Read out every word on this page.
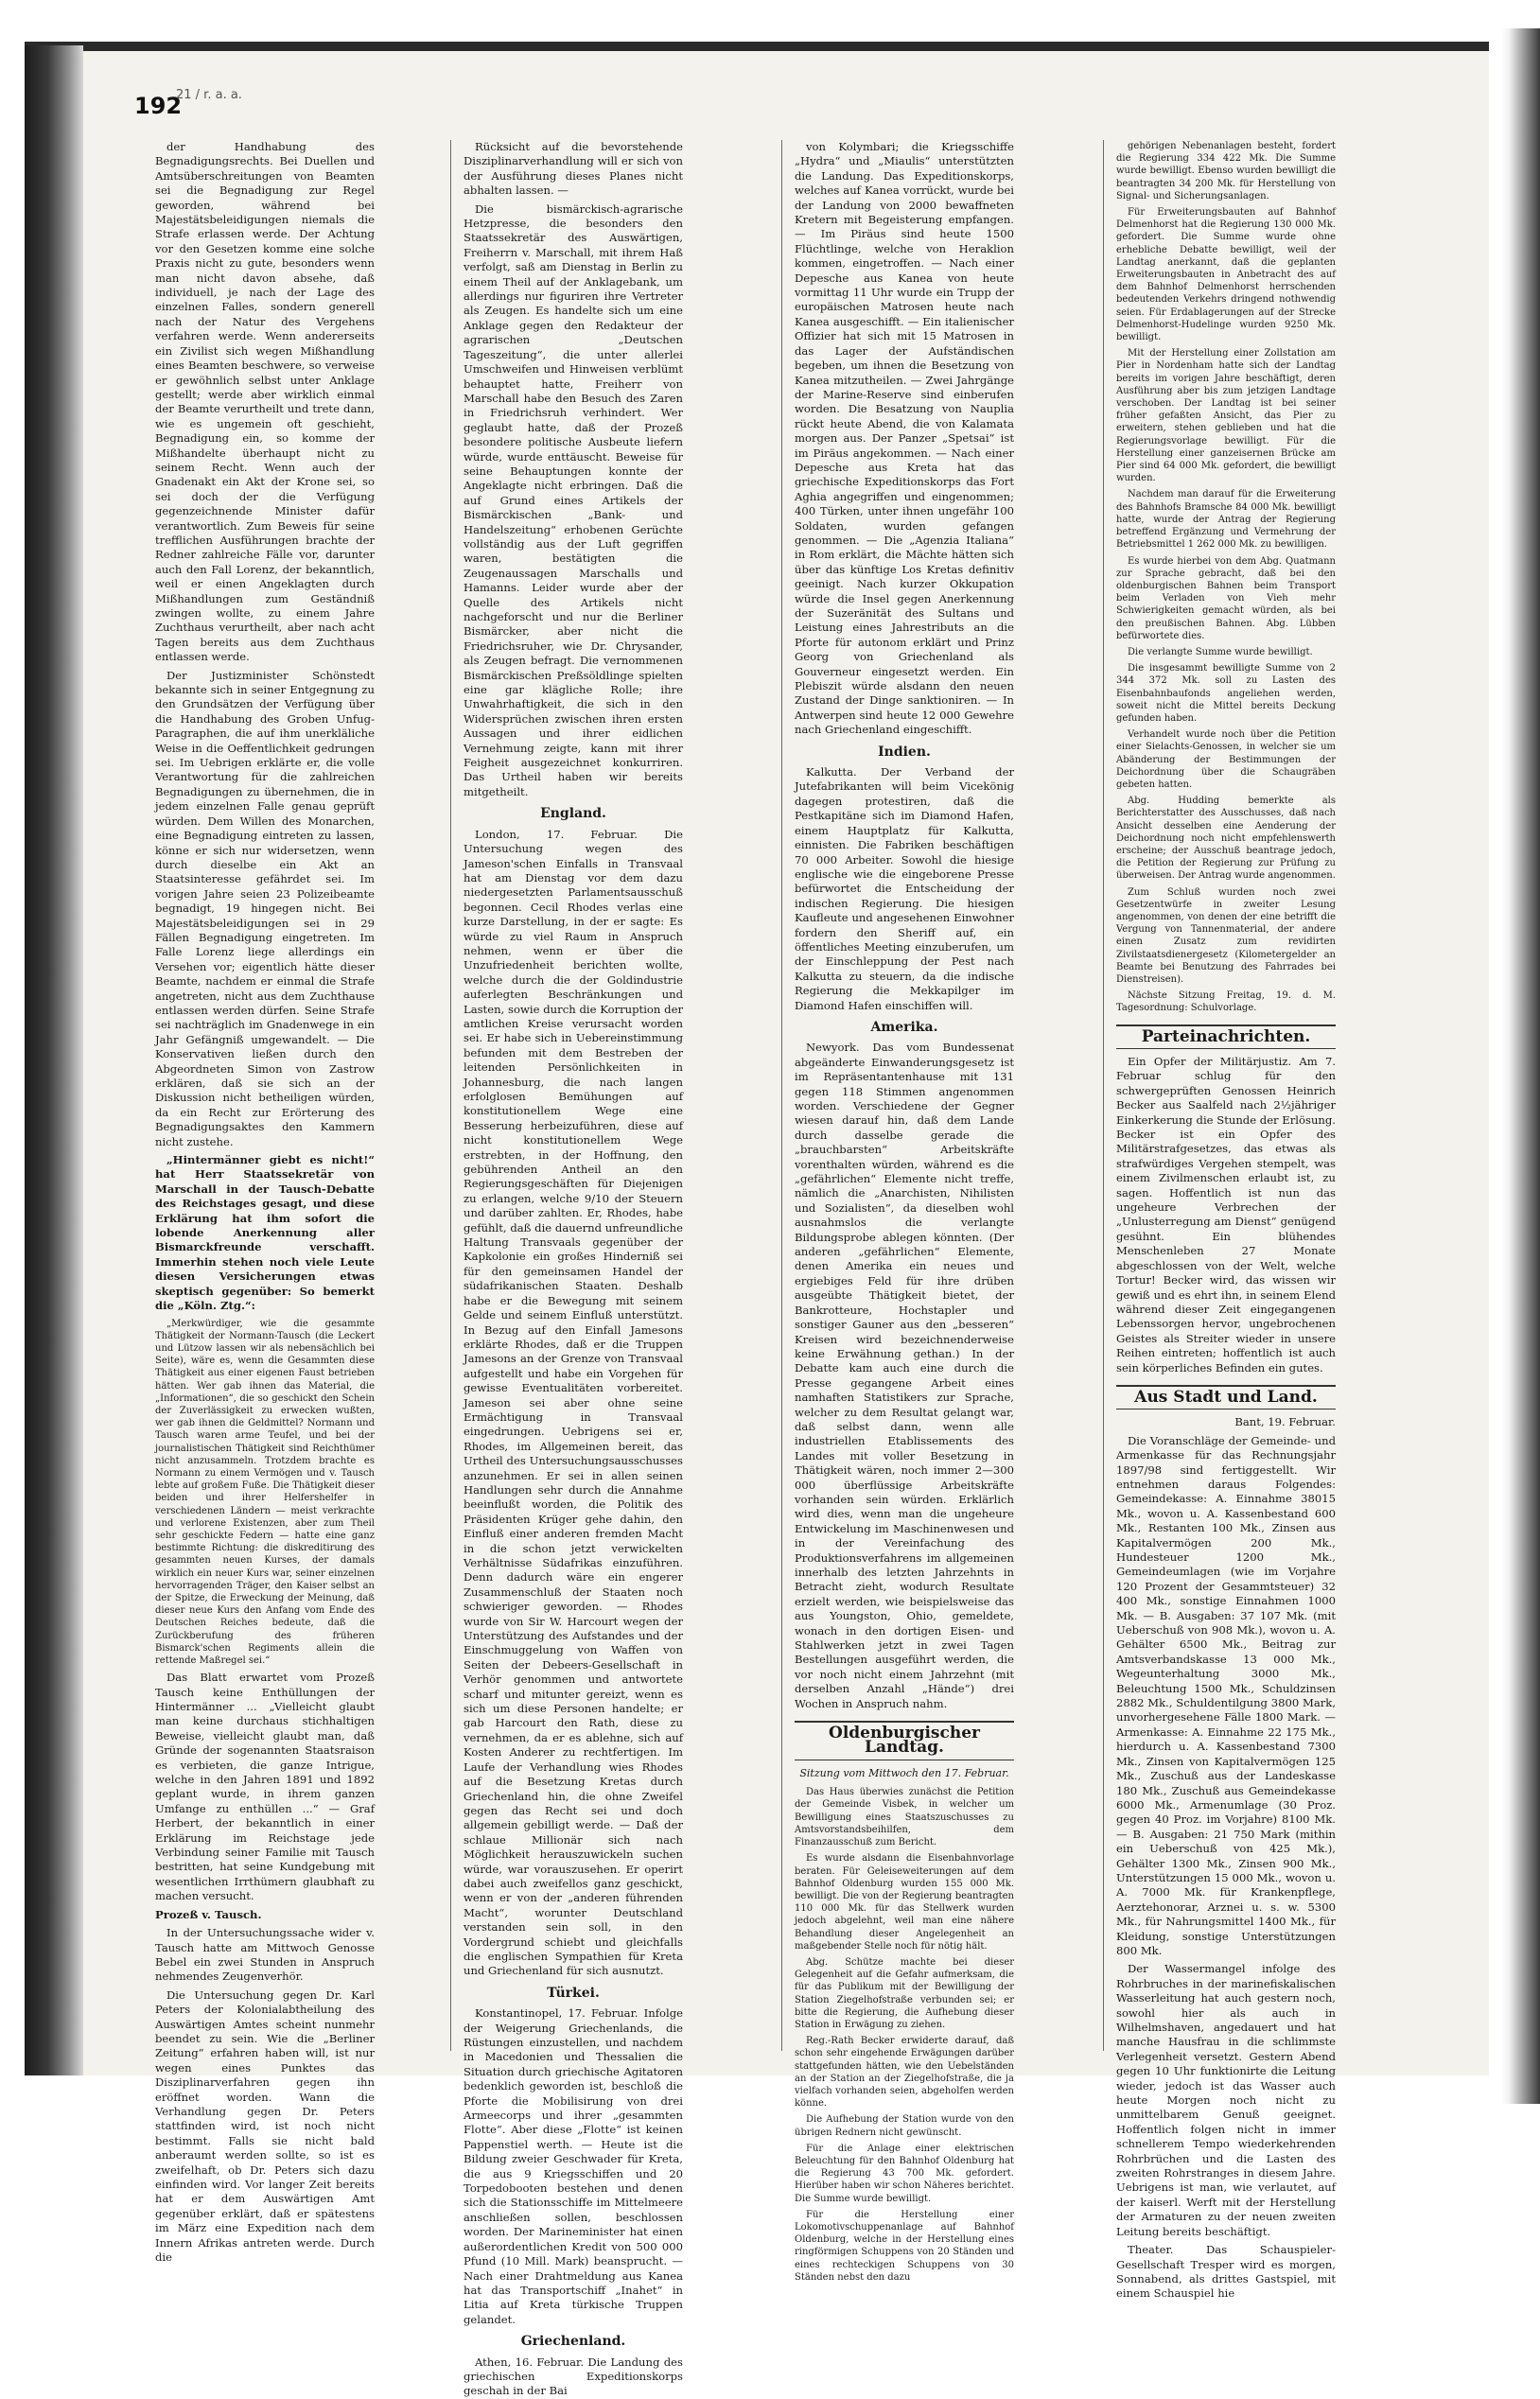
192
21 / r. a. a.

der Handhabung des Begnadigungsrechts. Bei Duellen und Amtsüberschreitungen von Beamten sei die Begnadigung zur Regel geworden, während bei Majestätsbeleidigungen niemals die Strafe erlassen werde. Der Achtung vor den Gesetzen komme eine solche Praxis nicht zu gute, besonders wenn man nicht davon absehe, daß individuell, je nach der Lage des einzelnen Falles, sondern generell nach der Natur des Vergehens verfahren werde. Wenn andererseits ein Zivilist sich wegen Mißhandlung eines Beamten beschwere, so verweise er gewöhnlich selbst unter Anklage gestellt; werde aber wirklich einmal der Beamte verurtheilt und trete dann, wie es ungemein oft geschieht, Begnadigung ein, so komme der Mißhandelte überhaupt nicht zu seinem Recht. Wenn auch der Gnadenakt ein Akt der Krone sei, so sei doch der die Verfügung gegenzeichnende Minister dafür verantwortlich. Zum Beweis für seine trefflichen Ausführungen brachte der Redner zahlreiche Fälle vor, darunter auch den Fall Lorenz, der bekanntlich, weil er einen Angeklagten durch Mißhandlungen zum Geständniß zwingen wollte, zu einem Jahre Zuchthaus verurtheilt, aber nach acht Tagen bereits aus dem Zuchthaus entlassen werde.

Der Justizminister Schönstedt bekannte sich in seiner Entgegnung zu den Grundsätzen der Verfügung über die Handhabung des Groben Unfug-Paragraphen, die auf ihm unerkläliche Weise in die Oeffentlichkeit gedrungen sei. Im Uebrigen erklärte er, die volle Verantwortung für die zahlreichen Begnadigungen zu übernehmen, die in jedem einzelnen Falle genau geprüft würden. Dem Willen des Monarchen, eine Begnadigung eintreten zu lassen, könne er sich nur widersetzen, wenn durch dieselbe ein Akt an Staatsinteresse gefährdet sei. Im vorigen Jahre seien 23 Polizeibeamte begnadigt, 19 hingegen nicht. Bei Majestätsbeleidigungen sei in 29 Fällen Begnadigung eingetreten. Im Falle Lorenz liege allerdings ein Versehen vor; eigentlich hätte dieser Beamte, nachdem er einmal die Strafe angetreten, nicht aus dem Zuchthause entlassen werden dürfen. Seine Strafe sei nachträglich im Gnadenwege in ein Jahr Gefängniß umgewandelt. — Die Konservativen ließen durch den Abgeordneten Simon von Zastrow erklären, daß sie sich an der Diskussion nicht betheiligen würden, da ein Recht zur Erörterung des Begnadigungsaktes den Kammern nicht zustehe.

„Hintermänner giebt es nicht!“ hat Herr Staatssekretär von Marschall in der Tausch-Debatte des Reichstages gesagt, und diese Erklärung hat ihm sofort die lobende Anerkennung aller Bismarckfreunde verschafft. Immerhin stehen noch viele Leute diesen Versicherungen etwas skeptisch gegenüber: So bemerkt die „Köln. Ztg.“:

„Merkwürdiger, wie die gesammte Thätigkeit der Normann-Tausch (die Leckert und Lützow lassen wir als nebensächlich bei Seite), wäre es, wenn die Gesammten diese Thätigkeit aus einer eigenen Faust betrieben hätten. Wer gab ihnen das Material, die „Informationen“, die so geschickt den Schein der Zuverlässigkeit zu erwecken wußten, wer gab ihnen die Geldmittel? Normann und Tausch waren arme Teufel, und bei der journalistischen Thätigkeit sind Reichthümer nicht anzusammeln. Trotzdem brachte es Normann zu einem Vermögen und v. Tausch lebte auf großem Fuße. Die Thätigkeit dieser beiden und ihrer Helfershelfer in verschiedenen Ländern — meist verkrachte und verlorene Existenzen, aber zum Theil sehr geschickte Federn — hatte eine ganz bestimmte Richtung: die diskreditirung des gesammten neuen Kurses, der damals wirklich ein neuer Kurs war, seiner einzelnen hervorragenden Träger, den Kaiser selbst an der Spitze, die Erweckung der Meinung, daß dieser neue Kurs den Anfang vom Ende des Deutschen Reiches bedeute, daß die Zurückberufung des früheren Bismarck'schen Regiments allein die rettende Maßregel sei.“

Das Blatt erwartet vom Prozeß Tausch keine Enthüllungen der Hintermänner ... „Vielleicht glaubt man keine durchaus stichhaltigen Beweise, vielleicht glaubt man, daß Gründe der sogenannten Staatsraison es verbieten, die ganze Intrigue, welche in den Jahren 1891 und 1892 geplant wurde, in ihrem ganzen Umfange zu enthüllen ...“ — Graf Herbert, der bekanntlich in einer Erklärung im Reichstage jede Verbindung seiner Familie mit Tausch bestritten, hat seine Kundgebung mit wesentlichen Irrthümern glaubhaft zu machen versucht.

Prozeß v. Tausch.

In der Untersuchungssache wider v. Tausch hatte am Mittwoch Genosse Bebel ein zwei Stunden in Anspruch nehmendes Zeugenverhör.

Die Untersuchung gegen Dr. Karl Peters der Kolonialabtheilung des Auswärtigen Amtes scheint nunmehr beendet zu sein. Wie die „Berliner Zeitung“ erfahren haben will, ist nur wegen eines Punktes das Disziplinarverfahren gegen ihn eröffnet worden. Wann die Verhandlung gegen Dr. Peters stattfinden wird, ist noch nicht bestimmt. Falls sie nicht bald anberaumt werden sollte, so ist es zweifelhaft, ob Dr. Peters sich dazu einfinden wird. Vor langer Zeit bereits hat er dem Auswärtigen Amt gegenüber erklärt, daß er spätestens im März eine Expedition nach dem Innern Afrikas antreten werde. Durch die

Rücksicht auf die bevorstehende Disziplinarverhandlung will er sich von der Ausführung dieses Planes nicht abhalten lassen. —

Die bismärckisch-agrarische Hetzpresse, die besonders den Staatssekretär des Auswärtigen, Freiherrn v. Marschall, mit ihrem Haß verfolgt, saß am Dienstag in Berlin zu einem Theil auf der Anklagebank, um allerdings nur figuriren ihre Vertreter als Zeugen. Es handelte sich um eine Anklage gegen den Redakteur der agrarischen „Deutschen Tageszeitung“, die unter allerlei Umschweifen und Hinweisen verblümt behauptet hatte, Freiherr von Marschall habe den Besuch des Zaren in Friedrichsruh verhindert. Wer geglaubt hatte, daß der Prozeß besondere politische Ausbeute liefern würde, wurde enttäuscht. Beweise für seine Behauptungen konnte der Angeklagte nicht erbringen. Daß die auf Grund eines Artikels der Bismärckischen „Bank- und Handelszeitung“ erhobenen Gerüchte vollständig aus der Luft gegriffen waren, bestätigten die Zeugenaussagen Marschalls und Hamanns. Leider wurde aber der Quelle des Artikels nicht nachgeforscht und nur die Berliner Bismärcker, aber nicht die Friedrichsruher, wie Dr. Chrysander, als Zeugen befragt. Die vernommenen Bismärckischen Preßsöldlinge spielten eine gar klägliche Rolle; ihre Unwahrhaftigkeit, die sich in den Widersprüchen zwischen ihren ersten Aussagen und ihrer eidlichen Vernehmung zeigte, kann mit ihrer Feigheit ausgezeichnet konkurriren. Das Urtheil haben wir bereits mitgetheilt.

England.

London, 17. Februar. Die Untersuchung wegen des Jameson'schen Einfalls in Transvaal hat am Dienstag vor dem dazu niedergesetzten Parlamentsausschuß begonnen. Cecil Rhodes verlas eine kurze Darstellung, in der er sagte: Es würde zu viel Raum in Anspruch nehmen, wenn er über die Unzufriedenheit berichten wollte, welche durch die der Goldindustrie auferlegten Beschränkungen und Lasten, sowie durch die Korruption der amtlichen Kreise verursacht worden sei. Er habe sich in Uebereinstimmung befunden mit dem Bestreben der leitenden Persönlichkeiten in Johannesburg, die nach langen erfolglosen Bemühungen auf konstitutionellem Wege eine Besserung herbeizuführen, diese auf nicht konstitutionellem Wege erstrebten, in der Hoffnung, den gebührenden Antheil an den Regierungsgeschäften für Diejenigen zu erlangen, welche 9/10 der Steuern und darüber zahlten. Er, Rhodes, habe gefühlt, daß die dauernd unfreundliche Haltung Transvaals gegenüber der Kapkolonie ein großes Hinderniß sei für den gemeinsamen Handel der südafrikanischen Staaten. Deshalb habe er die Bewegung mit seinem Gelde und seinem Einfluß unterstützt. In Bezug auf den Einfall Jamesons erklärte Rhodes, daß er die Truppen Jamesons an der Grenze von Transvaal aufgestellt und habe ein Vorgehen für gewisse Eventualitäten vorbereitet. Jameson sei aber ohne seine Ermächtigung in Transvaal eingedrungen. Uebrigens sei er, Rhodes, im Allgemeinen bereit, das Urtheil des Untersuchungsausschusses anzunehmen. Er sei in allen seinen Handlungen sehr durch die Annahme beeinflußt worden, die Politik des Präsidenten Krüger gehe dahin, den Einfluß einer anderen fremden Macht in die schon jetzt verwickelten Verhältnisse Südafrikas einzuführen. Denn dadurch wäre ein engerer Zusammenschluß der Staaten noch schwieriger geworden. — Rhodes wurde von Sir W. Harcourt wegen der Unterstützung des Aufstandes und der Einschmuggelung von Waffen von Seiten der Debeers-Gesellschaft in Verhör genommen und antwortete scharf und mitunter gereizt, wenn es sich um diese Personen handelte; er gab Harcourt den Rath, diese zu vernehmen, da er es ablehne, sich auf Kosten Anderer zu rechtfertigen. Im Laufe der Verhandlung wies Rhodes auf die Besetzung Kretas durch Griechenland hin, die ohne Zweifel gegen das Recht sei und doch allgemein gebilligt werde. — Daß der schlaue Millionär sich nach Möglichkeit herauszuwickeln suchen würde, war vorauszusehen. Er operirt dabei auch zweifellos ganz geschickt, wenn er von der „anderen führenden Macht“, worunter Deutschland verstanden sein soll, in den Vordergrund schiebt und gleichfalls die englischen Sympathien für Kreta und Griechenland für sich ausnutzt.

Türkei.

Konstantinopel, 17. Februar. Infolge der Weigerung Griechenlands, die Rüstungen einzustellen, und nachdem in Macedonien und Thessalien die Situation durch griechische Agitatoren bedenklich geworden ist, beschloß die Pforte die Mobilisirung von drei Armeecorps und ihrer „gesammten Flotte“. Aber diese „Flotte“ ist keinen Pappenstiel werth. — Heute ist die Bildung zweier Geschwader für Kreta, die aus 9 Kriegsschiffen und 20 Torpedobooten bestehen und denen sich die Stationsschiffe im Mittelmeere anschließen sollen, beschlossen worden. Der Marineminister hat einen außerordentlichen Kredit von 500 000 Pfund (10 Mill. Mark) beansprucht. — Nach einer Drahtmeldung aus Kanea hat das Transportschiff „Inahet“ in Litia auf Kreta türkische Truppen gelandet.

Griechenland.

Athen, 16. Februar. Die Landung des griechischen Expeditionskorps geschah in der Bai

von Kolymbari; die Kriegsschiffe „Hydra“ und „Miaulis“ unterstützten die Landung. Das Expeditionskorps, welches auf Kanea vorrückt, wurde bei der Landung von 2000 bewaffneten Kretern mit Begeisterung empfangen. — Im Piräus sind heute 1500 Flüchtlinge, welche von Heraklion kommen, eingetroffen. — Nach einer Depesche aus Kanea von heute vormittag 11 Uhr wurde ein Trupp der europäischen Matrosen heute nach Kanea ausgeschifft. — Ein italienischer Offizier hat sich mit 15 Matrosen in das Lager der Aufständischen begeben, um ihnen die Besetzung von Kanea mitzutheilen. — Zwei Jahrgänge der Marine-Reserve sind einberufen worden. Die Besatzung von Nauplia rückt heute Abend, die von Kalamata morgen aus. Der Panzer „Spetsai“ ist im Piräus angekommen. — Nach einer Depesche aus Kreta hat das griechische Expeditionskorps das Fort Aghia angegriffen und eingenommen; 400 Türken, unter ihnen ungefähr 100 Soldaten, wurden gefangen genommen. — Die „Agenzia Italiana“ in Rom erklärt, die Mächte hätten sich über das künftige Los Kretas definitiv geeinigt. Nach kurzer Okkupation würde die Insel gegen Anerkennung der Suzeränität des Sultans und Leistung eines Jahrestributs an die Pforte für autonom erklärt und Prinz Georg von Griechenland als Gouverneur eingesetzt werden. Ein Plebiszit würde alsdann den neuen Zustand der Dinge sanktioniren. — In Antwerpen sind heute 12 000 Gewehre nach Griechenland eingeschifft.

Indien.

Kalkutta. Der Verband der Jutefabrikanten will beim Vicekönig dagegen protestiren, daß die Pestkapitäne sich im Diamond Hafen, einem Hauptplatz für Kalkutta, einnisten. Die Fabriken beschäftigen 70 000 Arbeiter. Sowohl die hiesige englische wie die eingeborene Presse befürwortet die Entscheidung der indischen Regierung. Die hiesigen Kaufleute und angesehenen Einwohner fordern den Sheriff auf, ein öffentliches Meeting einzuberufen, um der Einschleppung der Pest nach Kalkutta zu steuern, da die indische Regierung die Mekkapilger im Diamond Hafen einschiffen will.

Amerika.

Newyork. Das vom Bundessenat abgeänderte Einwanderungsgesetz ist im Repräsentantenhause mit 131 gegen 118 Stimmen angenommen worden. Verschiedene der Gegner wiesen darauf hin, daß dem Lande durch dasselbe gerade die „brauchbarsten“ Arbeitskräfte vorenthalten würden, während es die „gefährlichen“ Elemente nicht treffe, nämlich die „Anarchisten, Nihilisten und Sozialisten“, da dieselben wohl ausnahmslos die verlangte Bildungsprobe ablegen könnten. (Der anderen „gefährlichen“ Elemente, denen Amerika ein neues und ergiebiges Feld für ihre drüben ausgeübte Thätigkeit bietet, der Bankrotteure, Hochstapler und sonstiger Gauner aus den „besseren“ Kreisen wird bezeichnenderweise keine Erwähnung gethan.) In der Debatte kam auch eine durch die Presse gegangene Arbeit eines namhaften Statistikers zur Sprache, welcher zu dem Resultat gelangt war, daß selbst dann, wenn alle industriellen Etablissements des Landes mit voller Besetzung in Thätigkeit wären, noch immer 2—300 000 überflüssige Arbeitskräfte vorhanden sein würden. Erklärlich wird dies, wenn man die ungeheure Entwickelung im Maschinenwesen und in der Vereinfachung des Produktionsverfahrens im allgemeinen innerhalb des letzten Jahrzehnts in Betracht zieht, wodurch Resultate erzielt werden, wie beispielsweise das aus Youngston, Ohio, gemeldete, wonach in den dortigen Eisen- und Stahlwerken jetzt in zwei Tagen Bestellungen ausgeführt werden, die vor noch nicht einem Jahrzehnt (mit derselben Anzahl „Hände“) drei Wochen in Anspruch nahm.

Oldenburgischer Landtag.
Sitzung vom Mittwoch den 17. Februar.

Das Haus überwies zunächst die Petition der Gemeinde Visbek, in welcher um Bewilligung eines Staatszuschusses zu Amtsvorstandsbeihilfen, dem Finanzausschuß zum Bericht.

Es wurde alsdann die Eisenbahnvorlage beraten. Für Geleiseweiterungen auf dem Bahnhof Oldenburg wurden 155 000 Mk. bewilligt. Die von der Regierung beantragten 110 000 Mk. für das Stellwerk wurden jedoch abgelehnt, weil man eine nähere Behandlung dieser Angelegenheit an maßgebender Stelle noch für nötig hält.

Abg. Schütze machte bei dieser Gelegenheit auf die Gefahr aufmerksam, die für das Publikum mit der Bewilligung der Station Ziegelhofstraße verbunden sei; er bitte die Regierung, die Aufhebung dieser Station in Erwägung zu ziehen.

Reg.-Rath Becker erwiderte darauf, daß schon sehr eingehende Erwägungen darüber stattgefunden hätten, wie den Uebelständen an der Station an der Ziegelhofstraße, die ja vielfach vorhanden seien, abgeholfen werden könne.

Die Aufhebung der Station wurde von den übrigen Rednern nicht gewünscht.

Für die Anlage einer elektrischen Beleuchtung für den Bahnhof Oldenburg hat die Regierung 43 700 Mk. gefordert. Hierüber haben wir schon Näheres berichtet. Die Summe wurde bewilligt.

Für die Herstellung einer Lokomotivschuppenanlage auf Bahnhof Oldenburg, welche in der Herstellung eines ringförmigen Schuppens von 20 Ständen und eines rechteckigen Schuppens von 30 Ständen nebst den dazu

gehörigen Nebenanlagen besteht, fordert die Regierung 334 422 Mk. Die Summe wurde bewilligt. Ebenso wurden bewilligt die beantragten 34 200 Mk. für Herstellung von Signal- und Sicherungsanlagen.

Für Erweiterungsbauten auf Bahnhof Delmenhorst hat die Regierung 130 000 Mk. gefordert. Die Summe wurde ohne erhebliche Debatte bewilligt, weil der Landtag anerkannt, daß die geplanten Erweiterungsbauten in Anbetracht des auf dem Bahnhof Delmenhorst herrschenden bedeutenden Verkehrs dringend nothwendig seien. Für Erdablagerungen auf der Strecke Delmenhorst-Hudelinge wurden 9250 Mk. bewilligt.

Mit der Herstellung einer Zollstation am Pier in Nordenham hatte sich der Landtag bereits im vorigen Jahre beschäftigt, deren Ausführung aber bis zum jetzigen Landtage verschoben. Der Landtag ist bei seiner früher gefaßten Ansicht, das Pier zu erweitern, stehen geblieben und hat die Regierungsvorlage bewilligt. Für die Herstellung einer ganzeisernen Brücke am Pier sind 64 000 Mk. gefordert, die bewilligt wurden.

Nachdem man darauf für die Erweiterung des Bahnhofs Bramsche 84 000 Mk. bewilligt hatte, wurde der Antrag der Regierung betreffend Ergänzung und Vermehrung der Betriebsmittel 1 262 000 Mk. zu bewilligen.

Es wurde hierbei von dem Abg. Quatmann zur Sprache gebracht, daß bei den oldenburgischen Bahnen beim Transport beim Verladen von Vieh mehr Schwierigkeiten gemacht würden, als bei den preußischen Bahnen. Abg. Lübben befürwortete dies.

Die verlangte Summe wurde bewilligt.

Die insgesammt bewilligte Summe von 2 344 372 Mk. soll zu Lasten des Eisenbahnbaufonds angeliehen werden, soweit nicht die Mittel bereits Deckung gefunden haben.

Verhandelt wurde noch über die Petition einer Sielachts-Genossen, in welcher sie um Abänderung der Bestimmungen der Deichordnung über die Schaugräben gebeten hatten.

Abg. Hudding bemerkte als Berichterstatter des Ausschusses, daß nach Ansicht desselben eine Aenderung der Deichordnung noch nicht empfehlenswerth erscheine; der Ausschuß beantrage jedoch, die Petition der Regierung zur Prüfung zu überweisen. Der Antrag wurde angenommen.

Zum Schluß wurden noch zwei Gesetzentwürfe in zweiter Lesung angenommen, von denen der eine betrifft die Vergung von Tannenmaterial, der andere einen Zusatz zum revidirten Zivilstaatsdienergesetz (Kilometergelder an Beamte bei Benutzung des Fahrrades bei Dienstreisen).

Nächste Sitzung Freitag, 19. d. M. Tagesordnung: Schulvorlage.

Parteinachrichten.

Ein Opfer der Militärjustiz. Am 7. Februar schlug für den schwergeprüften Genossen Heinrich Becker aus Saalfeld nach 2½jähriger Einkerkerung die Stunde der Erlösung. Becker ist ein Opfer des Militärstrafgesetzes, das etwas als strafwürdiges Vergehen stempelt, was einem Zivilmenschen erlaubt ist, zu sagen. Hoffentlich ist nun das ungeheure Verbrechen der „Unlusterregung am Dienst“ genügend gesühnt. Ein blühendes Menschenleben 27 Monate abgeschlossen von der Welt, welche Tortur! Becker wird, das wissen wir gewiß und es ehrt ihn, in seinem Elend während dieser Zeit eingegangenen Lebenssorgen hervor, ungebrochenen Geistes als Streiter wieder in unsere Reihen eintreten; hoffentlich ist auch sein körperliches Befinden ein gutes.

Aus Stadt und Land.

Bant, 19. Februar.

Die Voranschläge der Gemeinde- und Armenkasse für das Rechnungsjahr 1897/98 sind fertiggestellt. Wir entnehmen daraus Folgendes: Gemeindekasse: A. Einnahme 38015 Mk., wovon u. A. Kassenbestand 600 Mk., Restanten 100 Mk., Zinsen aus Kapitalvermögen 200 Mk., Hundesteuer 1200 Mk., Gemeindeumlagen (wie im Vorjahre 120 Prozent der Gesammtsteuer) 32 400 Mk., sonstige Einnahmen 1000 Mk. — B. Ausgaben: 37 107 Mk. (mit Ueberschuß von 908 Mk.), wovon u. A. Gehälter 6500 Mk., Beitrag zur Amtsverbandskasse 13 000 Mk., Wegeunterhaltung 3000 Mk., Beleuchtung 1500 Mk., Schuldzinsen 2882 Mk., Schuldentilgung 3800 Mark, unvorhergesehene Fälle 1800 Mark. — Armenkasse: A. Einnahme 22 175 Mk., hierdurch u. A. Kassenbestand 7300 Mk., Zinsen von Kapitalvermögen 125 Mk., Zuschuß aus der Landeskasse 180 Mk., Zuschuß aus Gemeindekasse 6000 Mk., Armenumlage (30 Proz. gegen 40 Proz. im Vorjahre) 8100 Mk. — B. Ausgaben: 21 750 Mark (mithin ein Ueberschuß von 425 Mk.), Gehälter 1300 Mk., Zinsen 900 Mk., Unterstützungen 15 000 Mk., wovon u. A. 7000 Mk. für Krankenpflege, Aerztehonorar, Arznei u. s. w. 5300 Mk., für Nahrungsmittel 1400 Mk., für Kleidung, sonstige Unterstützungen 800 Mk.

Der Wassermangel infolge des Rohrbruches in der marinefiskalischen Wasserleitung hat auch gestern noch, sowohl hier als auch in Wilhelmshaven, angedauert und hat manche Hausfrau in die schlimmste Verlegenheit versetzt. Gestern Abend gegen 10 Uhr funktionirte die Leitung wieder, jedoch ist das Wasser auch heute Morgen noch nicht zu unmittelbarem Genuß geeignet. Hoffentlich folgen nicht in immer schnellerem Tempo wiederkehrenden Rohrbrüchen und die Lasten des zweiten Rohrstranges in diesem Jahre. Uebrigens ist man, wie verlautet, auf der kaiserl. Werft mit der Herstellung der Armaturen zu der neuen zweiten Leitung bereits beschäftigt.

Theater. Das Schauspieler-Gesellschaft Tresper wird es morgen, Sonnabend, als drittes Gastspiel, mit einem Schauspiel hie
